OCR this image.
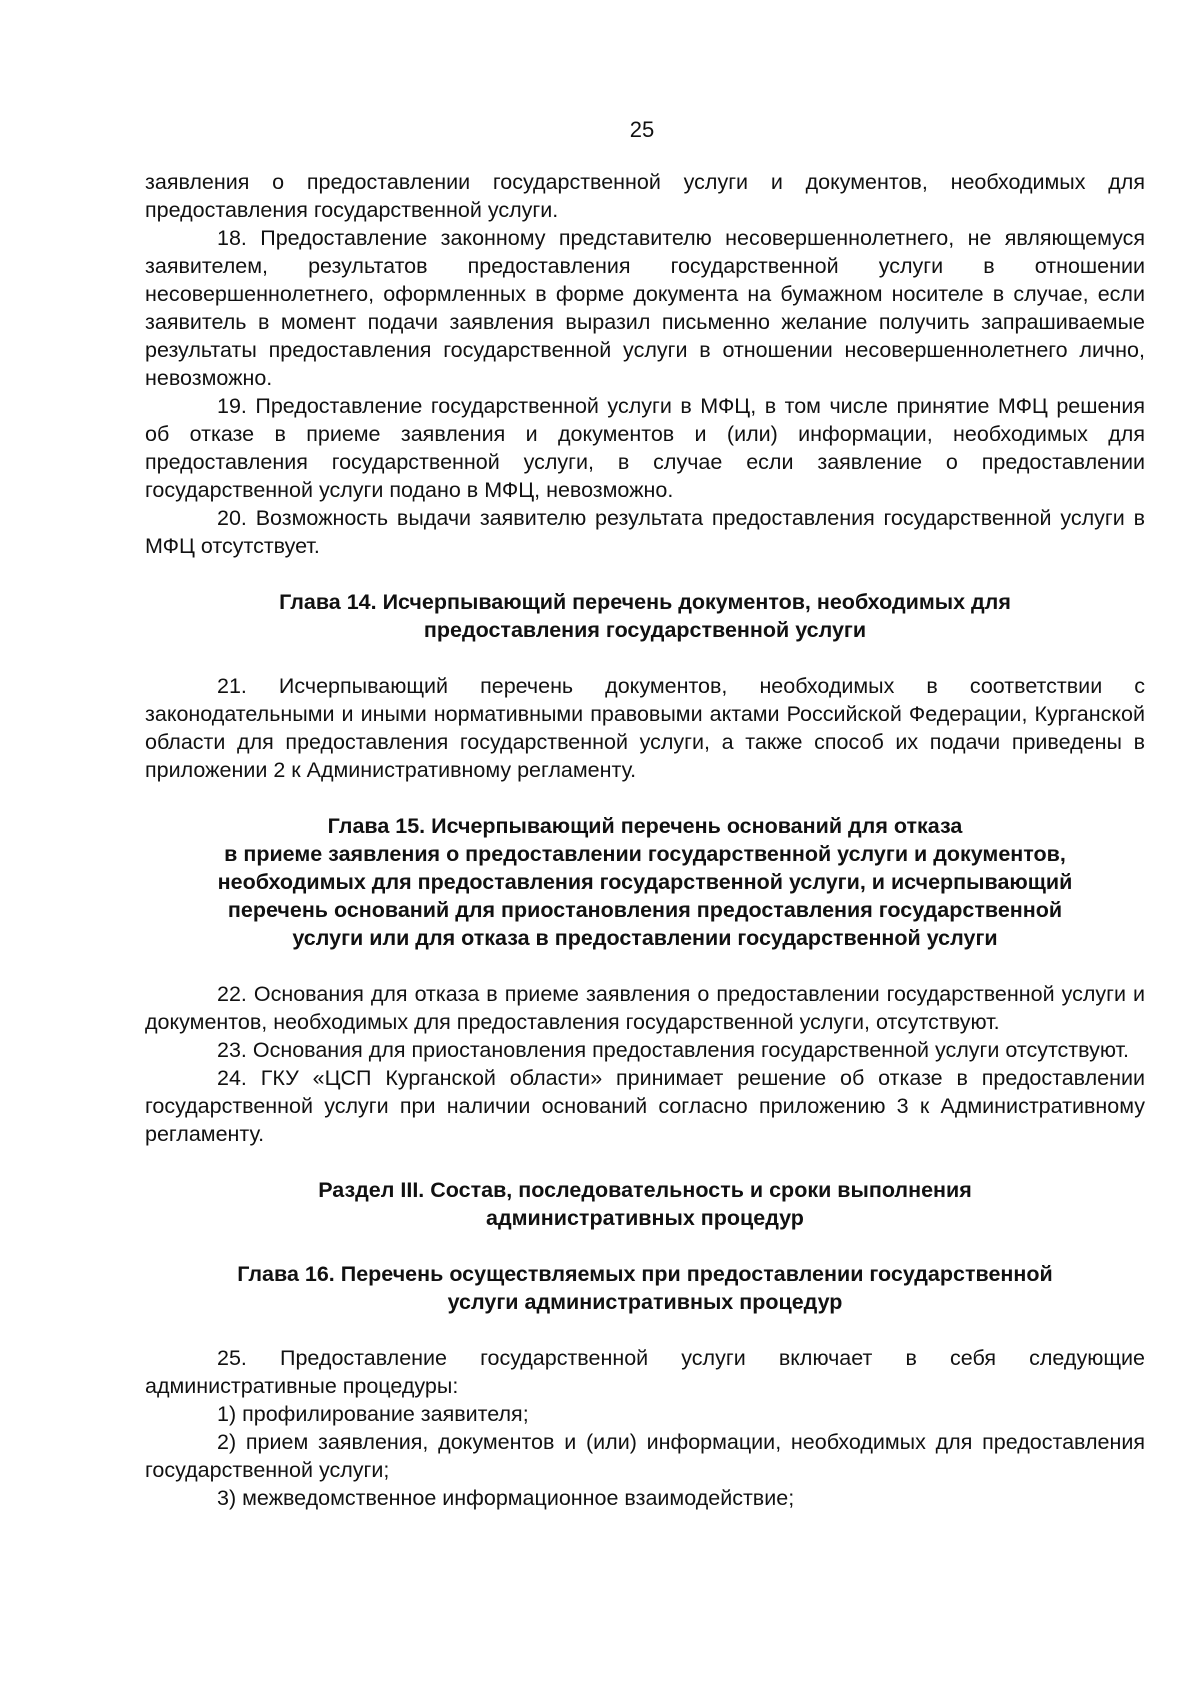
25

заявления о предоставлении государственной услуги и документов, необходимых для предоставления государственной услуги.

18. Предоставление законному представителю несовершеннолетнего, не являющемуся заявителем, результатов предоставления государственной услуги в отношении несовершеннолетнего, оформленных в форме документа на бумажном носителе в случае, если заявитель в момент подачи заявления выразил письменно желание получить запрашиваемые результаты предоставления государственной услуги в отношении несовершеннолетнего лично, невозможно.

19. Предоставление государственной услуги в МФЦ, в том числе принятие МФЦ решения об отказе в приеме заявления и документов и (или) информации, необходимых для предоставления государственной услуги, в случае если заявление о предоставлении государственной услуги подано в МФЦ, невозможно.

20. Возможность выдачи заявителю результата предоставления государственной услуги в МФЦ отсутствует.

Глава 14. Исчерпывающий перечень документов, необходимых для
предоставления государственной услуги

21. Исчерпывающий перечень документов, необходимых в соответствии с законодательными и иными нормативными правовыми актами Российской Федерации, Курганской области для предоставления государственной услуги, а также способ их подачи приведены в приложении 2 к Административному регламенту.

Глава 15. Исчерпывающий перечень оснований для отказа
в приеме заявления о предоставлении государственной услуги и документов,
необходимых для предоставления государственной услуги, и исчерпывающий
перечень оснований для приостановления предоставления государственной
услуги или для отказа в предоставлении государственной услуги

22. Основания для отказа в приеме заявления о предоставлении государственной услуги и документов, необходимых для предоставления государственной услуги, отсутствуют.

23. Основания для приостановления предоставления государственной услуги отсутствуют.

24. ГКУ «ЦСП Курганской области» принимает решение об отказе в предоставлении государственной услуги при наличии оснований согласно приложению 3 к Административному регламенту.

Раздел III. Состав, последовательность и сроки выполнения
административных процедур
Глава 16. Перечень осуществляемых при предоставлении государственной
услуги административных процедур

25. Предоставление государственной услуги включает в себя следующие административные процедуры:

1) профилирование заявителя;

2) прием заявления, документов и (или) информации, необходимых для предоставления государственной услуги;

3) межведомственное информационное взаимодействие;
